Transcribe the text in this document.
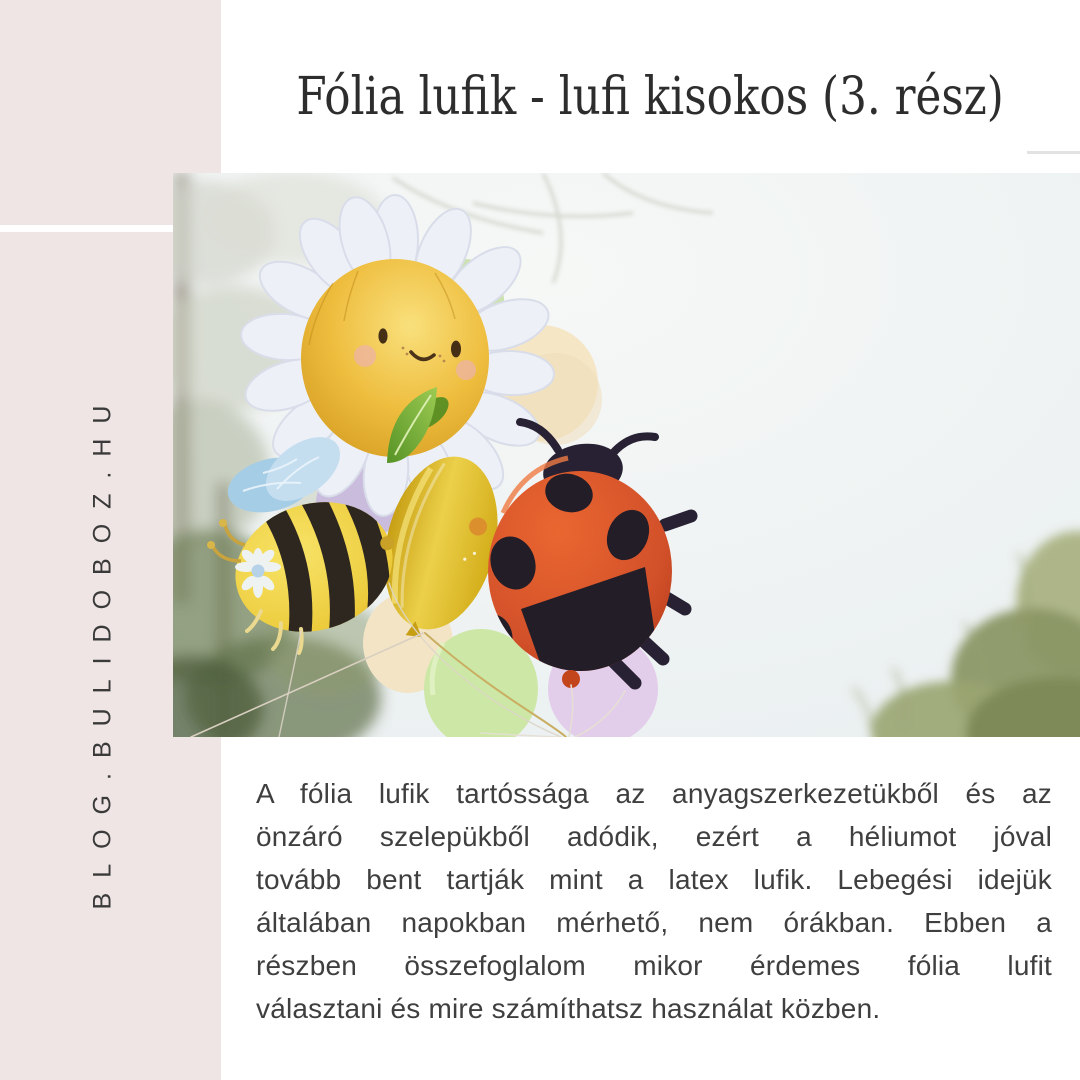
BLOG.BULIDOBOZ.HU
Fólia lufik - lufi kisokos (3. rész)
A fólia lufik tartóssága az anyagszerkezetükből és az
önzáró szelepükből adódik, ezért a héliumot jóval
tovább bent tartják mint a latex lufik. Lebegési idejük
általában napokban mérhető, nem órákban. Ebben a
részben összefoglalom mikor érdemes fólia lufit
választani és mire számíthatsz használat közben.
